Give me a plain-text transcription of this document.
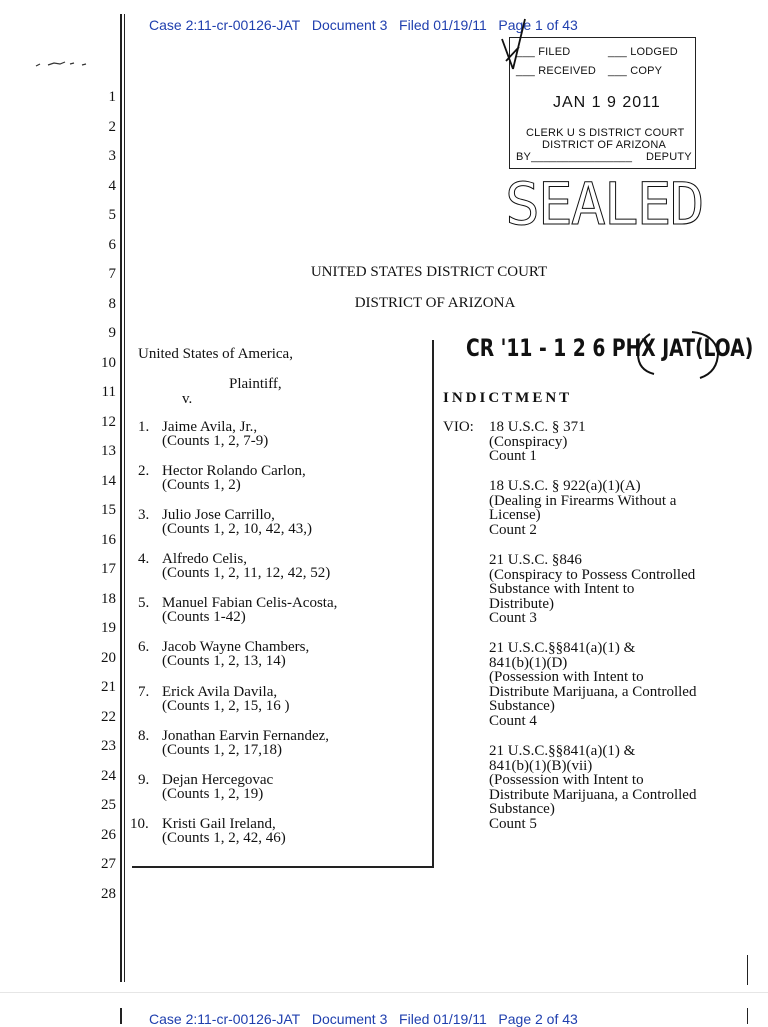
Case 2:11-cr-00126-JAT Document 3 Filed 01/19/11 Page 1 of 43
___ FILED	___ LODGED
___ RECEIVED ___ COPY
JAN 1 9 2011
CLERK U S DISTRICT COURT
DISTRICT OF ARIZONA
BY________________ DEPUTY
SEALED
1
2
3
4
5
6
7
8
9
10
11
12
13
14
15
16
17
18
19
20
21
22
23
24
25
26
27
28
UNITED STATES DISTRICT COURT
DISTRICT OF ARIZONA
United States of America,
Plaintiff,
v.
1. Jaime Avila, Jr.,
(Counts 1, 2, 7-9)
2. Hector Rolando Carlon,
(Counts 1, 2)
3. Julio Jose Carrillo,
(Counts 1, 2, 10, 42, 43,)
4. Alfredo Celis,
(Counts 1, 2, 11, 12, 42, 52)
5. Manuel Fabian Celis-Acosta,
(Counts 1-42)
6. Jacob Wayne Chambers,
(Counts 1, 2, 13, 14)
7. Erick Avila Davila,
(Counts 1, 2, 15, 16 )
8. Jonathan Earvin Fernandez,
(Counts 1, 2, 17,18)
9. Dejan Hercegovac
(Counts 1, 2, 19)
10. Kristi Gail Ireland,
(Counts 1, 2, 42, 46)
CR '11 - 1 2 6 PHX JAT(LOA)
INDICTMENT
VIO: 18 U.S.C. § 371
(Conspiracy)
Count 1
18 U.S.C. § 922(a)(1)(A)
(Dealing in Firearms Without a
License)
Count 2
21 U.S.C. §846
(Conspiracy to Possess Controlled
Substance with Intent to
Distribute)
Count 3
21 U.S.C.§§841(a)(1) &
841(b)(1)(D)
(Possession with Intent to
Distribute Marijuana, a Controlled
Substance)
Count 4
21 U.S.C.§§841(a)(1) &
841(b)(1)(B)(vii)
(Possession with Intent to
Distribute Marijuana, a Controlled
Substance)
Count 5
Case 2:11-cr-00126-JAT Document 3 Filed 01/19/11 Page 2 of 43
